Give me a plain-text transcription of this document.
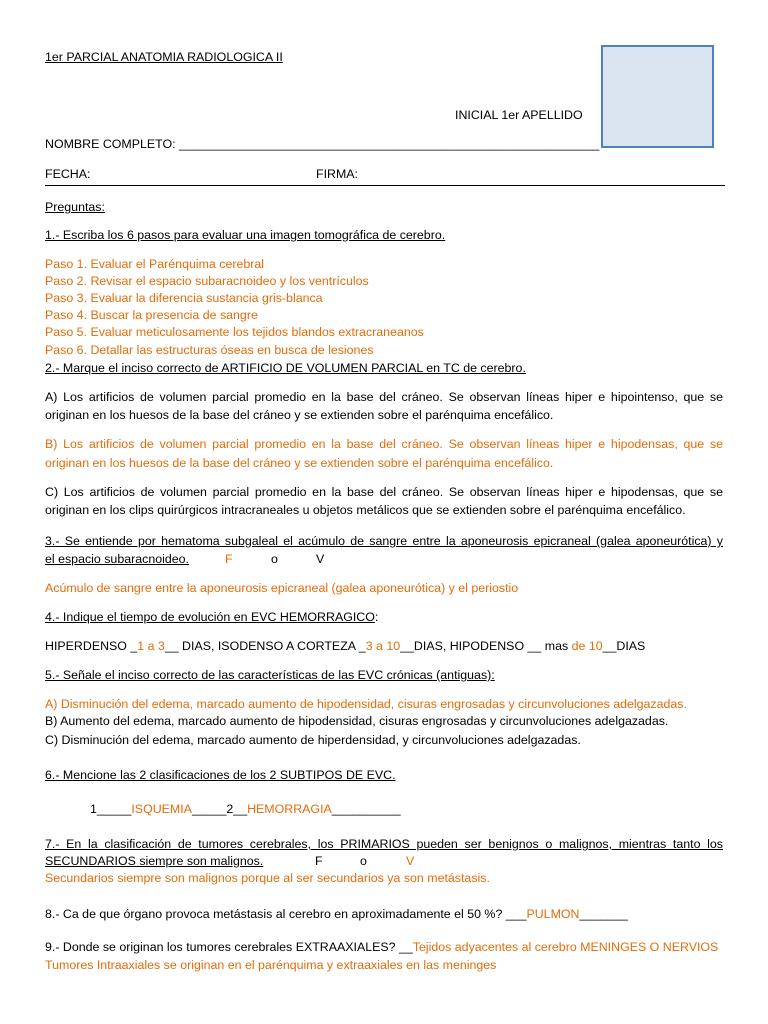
1er PARCIAL ANATOMIA RADIOLOGICA II
INICIAL 1er APELLIDO
NOMBRE COMPLETO: _____________________________________________________________
FECHA:	FIRMA:
Preguntas:
1.- Escriba los 6 pasos para evaluar una imagen tomográfica de cerebro.
Paso 1. Evaluar el Parénquima cerebral
Paso 2. Revisar el espacio subaracnoideo y los ventrículos
Paso 3. Evaluar la diferencia sustancia gris-blanca
Paso 4. Buscar la presencia de sangre
Paso 5. Evaluar meticulosamente los tejidos blandos extracraneanos
Paso 6. Detallar las estructuras óseas en busca de lesiones
2.- Marque el inciso correcto de ARTIFICIO DE VOLUMEN PARCIAL en TC de cerebro.
A) Los artificios de volumen parcial promedio en la base del cráneo. Se observan líneas hiper e hipointenso, que se
originan en los huesos de la base del cráneo y se extienden sobre el parénquima encefálico.
B) Los artificios de volumen parcial promedio en la base del cráneo. Se observan líneas hiper e hipodensas, que se
originan en los huesos de la base del cráneo y se extienden sobre el parénquima encefálico.
C) Los artificios de volumen parcial promedio en la base del cráneo. Se observan líneas hiper e hipodensas, que se
originan en los clips quirúrgicos intracraneales u objetos metálicos que se extienden sobre el parénquima encefálico.
3.- Se entiende por hematoma subgaleal el acúmulo de sangre entre la aponeurosis epicraneal (galea aponeurótica) y
el espacio subaracnoideo.	F	o	V
Acúmulo de sangre entre la aponeurosis epicraneal (galea aponeurótica) y el periostio
4.- Indique el tiempo de evolución en EVC HEMORRAGICO:
HIPERDENSO _1 a 3__ DIAS, ISODENSO A CORTEZA _3 a 10__DIAS, HIPODENSO __ mas de 10__DIAS
5.- Señale el inciso correcto de las características de las EVC crónicas (antiguas):
A) Disminución del edema, marcado aumento de hipodensidad, cisuras engrosadas y circunvoluciones adelgazadas.
B) Aumento del edema, marcado aumento de hipodensidad, cisuras engrosadas y circunvoluciones adelgazadas.
C) Disminución del edema, marcado aumento de hiperdensidad, y circunvoluciones adelgazadas.
6.- Mencione las 2 clasificaciones de los 2 SUBTIPOS DE EVC.
1_____ISQUEMIA_____2__HEMORRAGIA__________
7.- En la clasificación de tumores cerebrales, los PRIMARIOS pueden ser benignos o malignos, mientras tanto los
SECUNDARIOS siempre son malignos.	F	o	V
Secundarios siempre son malignos porque al ser secundarios ya son metástasis.
8.- Ca de que órgano provoca metástasis al cerebro en aproximadamente el 50 %? ___PULMON_______
9.- Donde se originan los tumores cerebrales EXTRAAXIALES? __Tejidos adyacentes al cerebro MENINGES O NERVIOS
Tumores Intraaxiales se originan en el parénquima y extraaxiales en las meninges
